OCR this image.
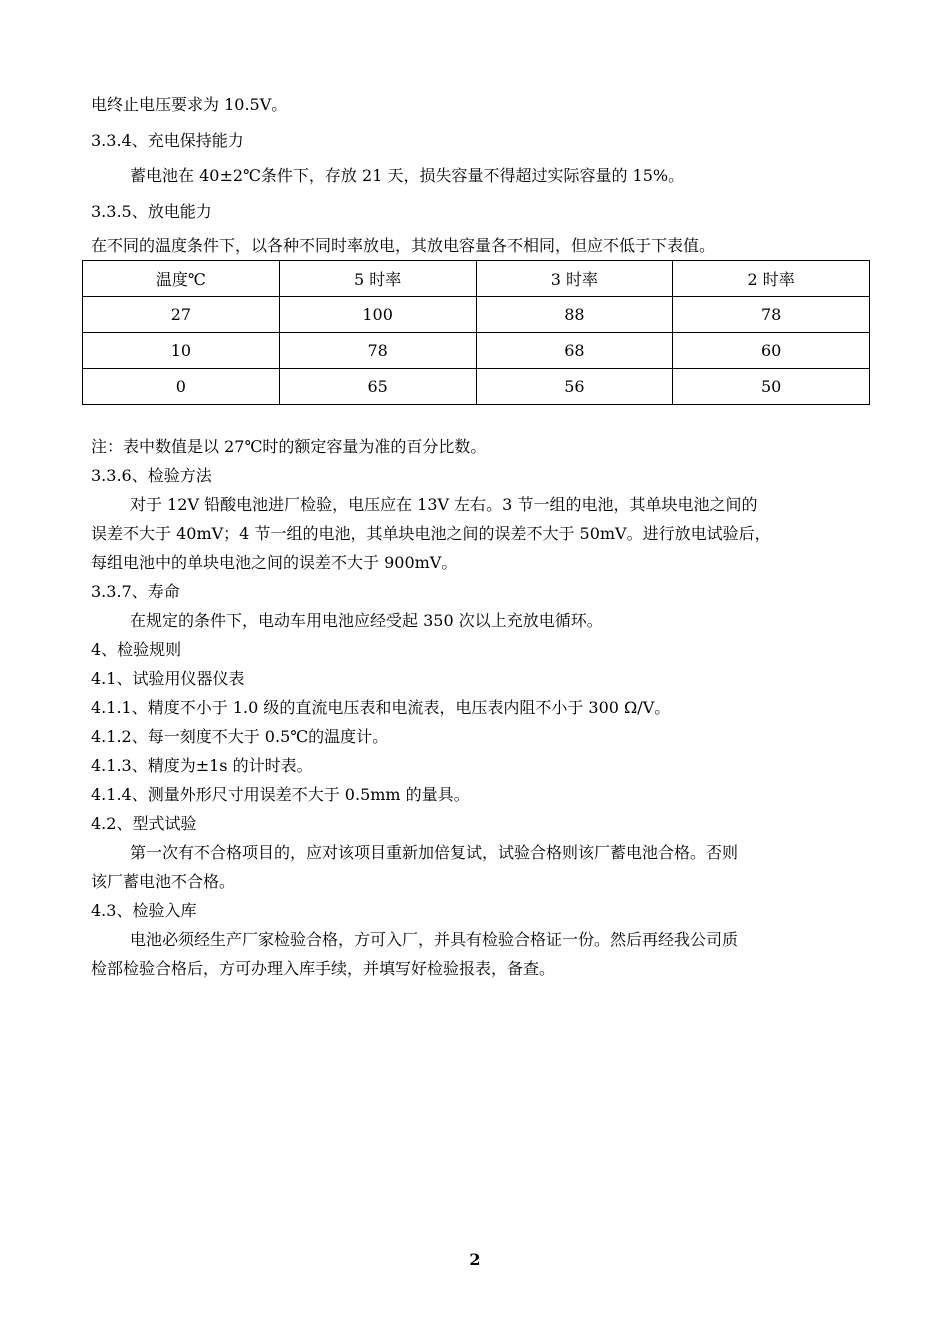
电终止电压要求为 10.5V。
3.3.4、充电保持能力
蓄电池在 40±2℃条件下，存放 21 天，损失容量不得超过实际容量的 15%。
3.3.5、放电能力
在不同的温度条件下，以各种不同时率放电，其放电容量各不相同，但应不低于下表值。
温度℃	5 时率	3 时率	2 时率
27	100	88	78
10	78	68	60
0	65	56	50
注：表中数值是以 27℃时的额定容量为准的百分比数。
3.3.6、检验方法
对于 12V 铅酸电池进厂检验，电压应在 13V 左右。3 节一组的电池，其单块电池之间的
误差不大于 40mV；4 节一组的电池，其单块电池之间的误差不大于 50mV。进行放电试验后，
每组电池中的单块电池之间的误差不大于 900mV。
3.3.7、寿命
在规定的条件下，电动车用电池应经受起 350 次以上充放电循环。
4、检验规则
4.1、试验用仪器仪表
4.1.1、精度不小于 1.0 级的直流电压表和电流表，电压表内阻不小于 300 Ω/V。
4.1.2、每一刻度不大于 0.5℃的温度计。
4.1.3、精度为±1s 的计时表。
4.1.4、测量外形尺寸用误差不大于 0.5mm 的量具。
4.2、型式试验
第一次有不合格项目的，应对该项目重新加倍复试，试验合格则该厂蓄电池合格。否则
该厂蓄电池不合格。
4.3、检验入库
电池必须经生产厂家检验合格，方可入厂，并具有检验合格证一份。然后再经我公司质
检部检验合格后，方可办理入库手续，并填写好检验报表，备查。
2
